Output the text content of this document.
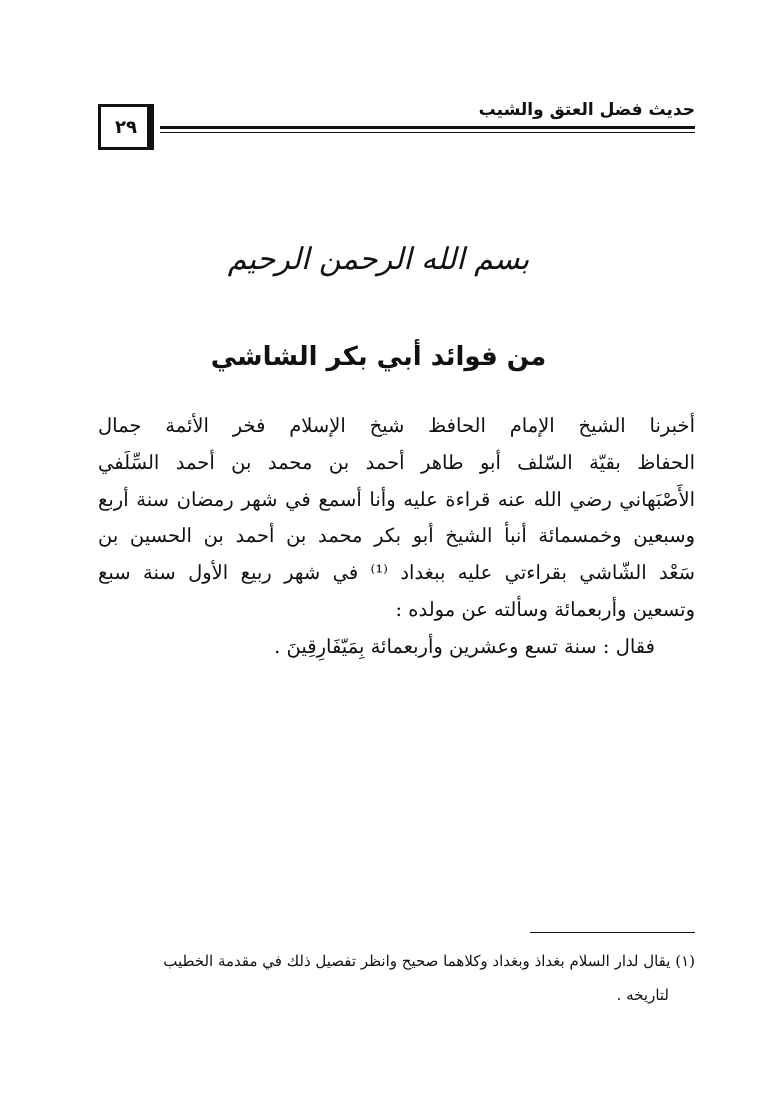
حديث فضل العتق والشيب
٢٩
بسم الله الرحمن الرحيم
من فوائد أبي بكر الشاشي
أخبرنا الشيخ الإمام الحافظ شيخ الإسلام فخر الأئمة جمال
الحفاظ بقيّة السّلف أبو طاهر أحمد بن محمد بن أحمد السِّلَفي
الأَصْبَهاني رضي الله عنه قراءة عليه وأنا أسمع في شهر رمضان سنة أربع
وسبعين وخمسمائة أنبأ الشيخ أبو بكر محمد بن أحمد بن الحسين بن
سَعْد الشّاشي بقراءتي عليه ببغداد ⁽¹⁾ في شهر ربيع الأول سنة سبع
وتسعين وأربعمائة وسألته عن مولده :
فقال : سنة تسع وعشرين وأربعمائة بِمَيّفَارِقِينَ .
(١) يقال لدار السلام بغداذ وبغداد وكلاهما صحيح وانظر تفصيل ذلك في مقدمة الخطيب
لتاريخه .
